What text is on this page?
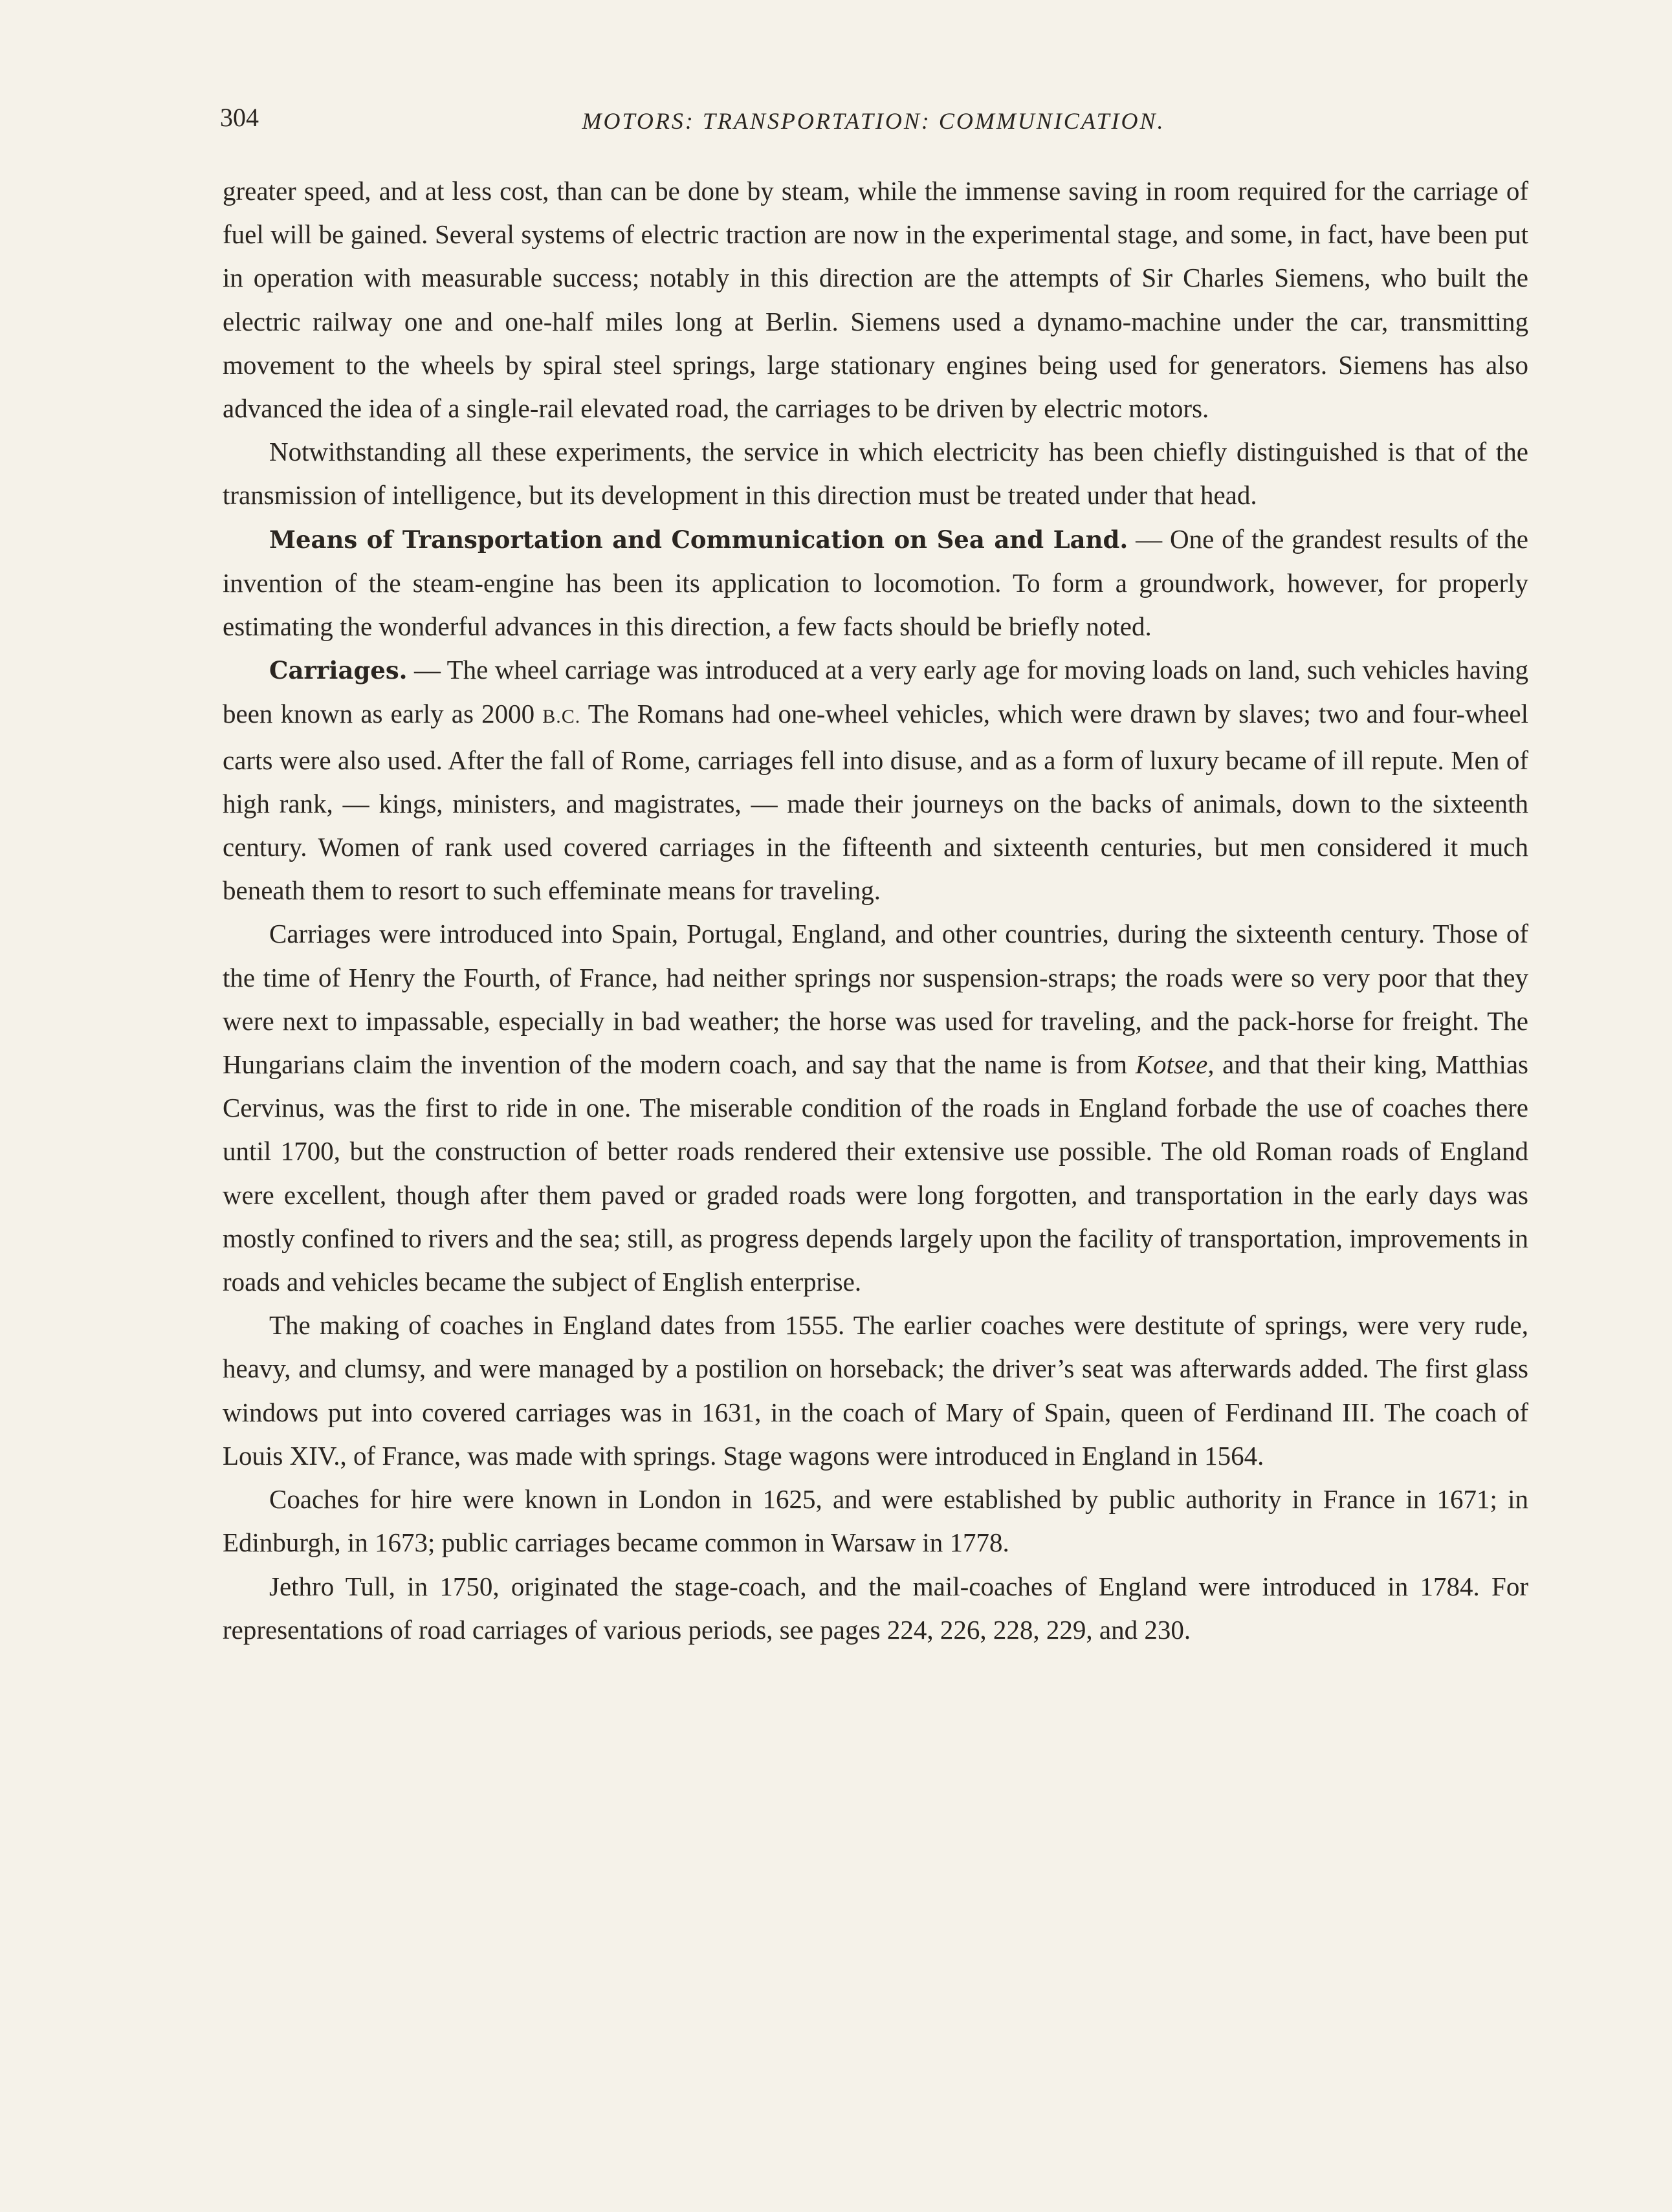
304	MOTORS: TRANSPORTATION: COMMUNICATION.

greater speed, and at less cost, than can be done by steam, while the immense saving in room required for the carriage of fuel will be gained. Several systems of electric traction are now in the experimental stage, and some, in fact, have been put in operation with measurable success; notably in this direction are the attempts of Sir Charles Siemens, who built the electric railway one and one-half miles long at Berlin. Siemens used a dynamo-machine under the car, transmitting movement to the wheels by spiral steel springs, large stationary engines being used for generators. Siemens has also advanced the idea of a single-rail elevated road, the carriages to be driven by electric motors.

Notwithstanding all these experiments, the service in which electricity has been chiefly distinguished is that of the transmission of intelligence, but its development in this direction must be treated under that head.

Means of Transportation and Communication on Sea and Land. — One of the grandest results of the invention of the steam-engine has been its application to locomotion. To form a groundwork, however, for properly estimating the wonderful advances in this direction, a few facts should be briefly noted.

Carriages. — The wheel carriage was introduced at a very early age for moving loads on land, such vehicles having been known as early as 2000 B.C. The Romans had one-wheel vehicles, which were drawn by slaves; two and four-wheel carts were also used. After the fall of Rome, carriages fell into disuse, and as a form of luxury became of ill repute. Men of high rank, — kings, ministers, and magistrates, — made their journeys on the backs of animals, down to the sixteenth century. Women of rank used covered carriages in the fifteenth and sixteenth centuries, but men considered it much beneath them to resort to such effeminate means for traveling.

Carriages were introduced into Spain, Portugal, England, and other countries, during the sixteenth century. Those of the time of Henry the Fourth, of France, had neither springs nor suspension-straps; the roads were so very poor that they were next to impassable, especially in bad weather; the horse was used for traveling, and the pack-horse for freight. The Hungarians claim the invention of the modern coach, and say that the name is from Kotsee, and that their king, Matthias Cervinus, was the first to ride in one. The miserable condition of the roads in England forbade the use of coaches there until 1700, but the construction of better roads rendered their extensive use possible. The old Roman roads of England were excellent, though after them paved or graded roads were long forgotten, and transportation in the early days was mostly confined to rivers and the sea; still, as progress depends largely upon the facility of transportation, improvements in roads and vehicles became the subject of English enterprise.

The making of coaches in England dates from 1555. The earlier coaches were destitute of springs, were very rude, heavy, and clumsy, and were managed by a postilion on horseback; the driver’s seat was afterwards added. The first glass windows put into covered carriages was in 1631, in the coach of Mary of Spain, queen of Ferdinand III. The coach of Louis XIV., of France, was made with springs. Stage wagons were introduced in England in 1564.

Coaches for hire were known in London in 1625, and were established by public authority in France in 1671; in Edinburgh, in 1673; public carriages became common in Warsaw in 1778.

Jethro Tull, in 1750, originated the stage-coach, and the mail-coaches of England were introduced in 1784. For representations of road carriages of various periods, see pages 224, 226, 228, 229, and 230.
